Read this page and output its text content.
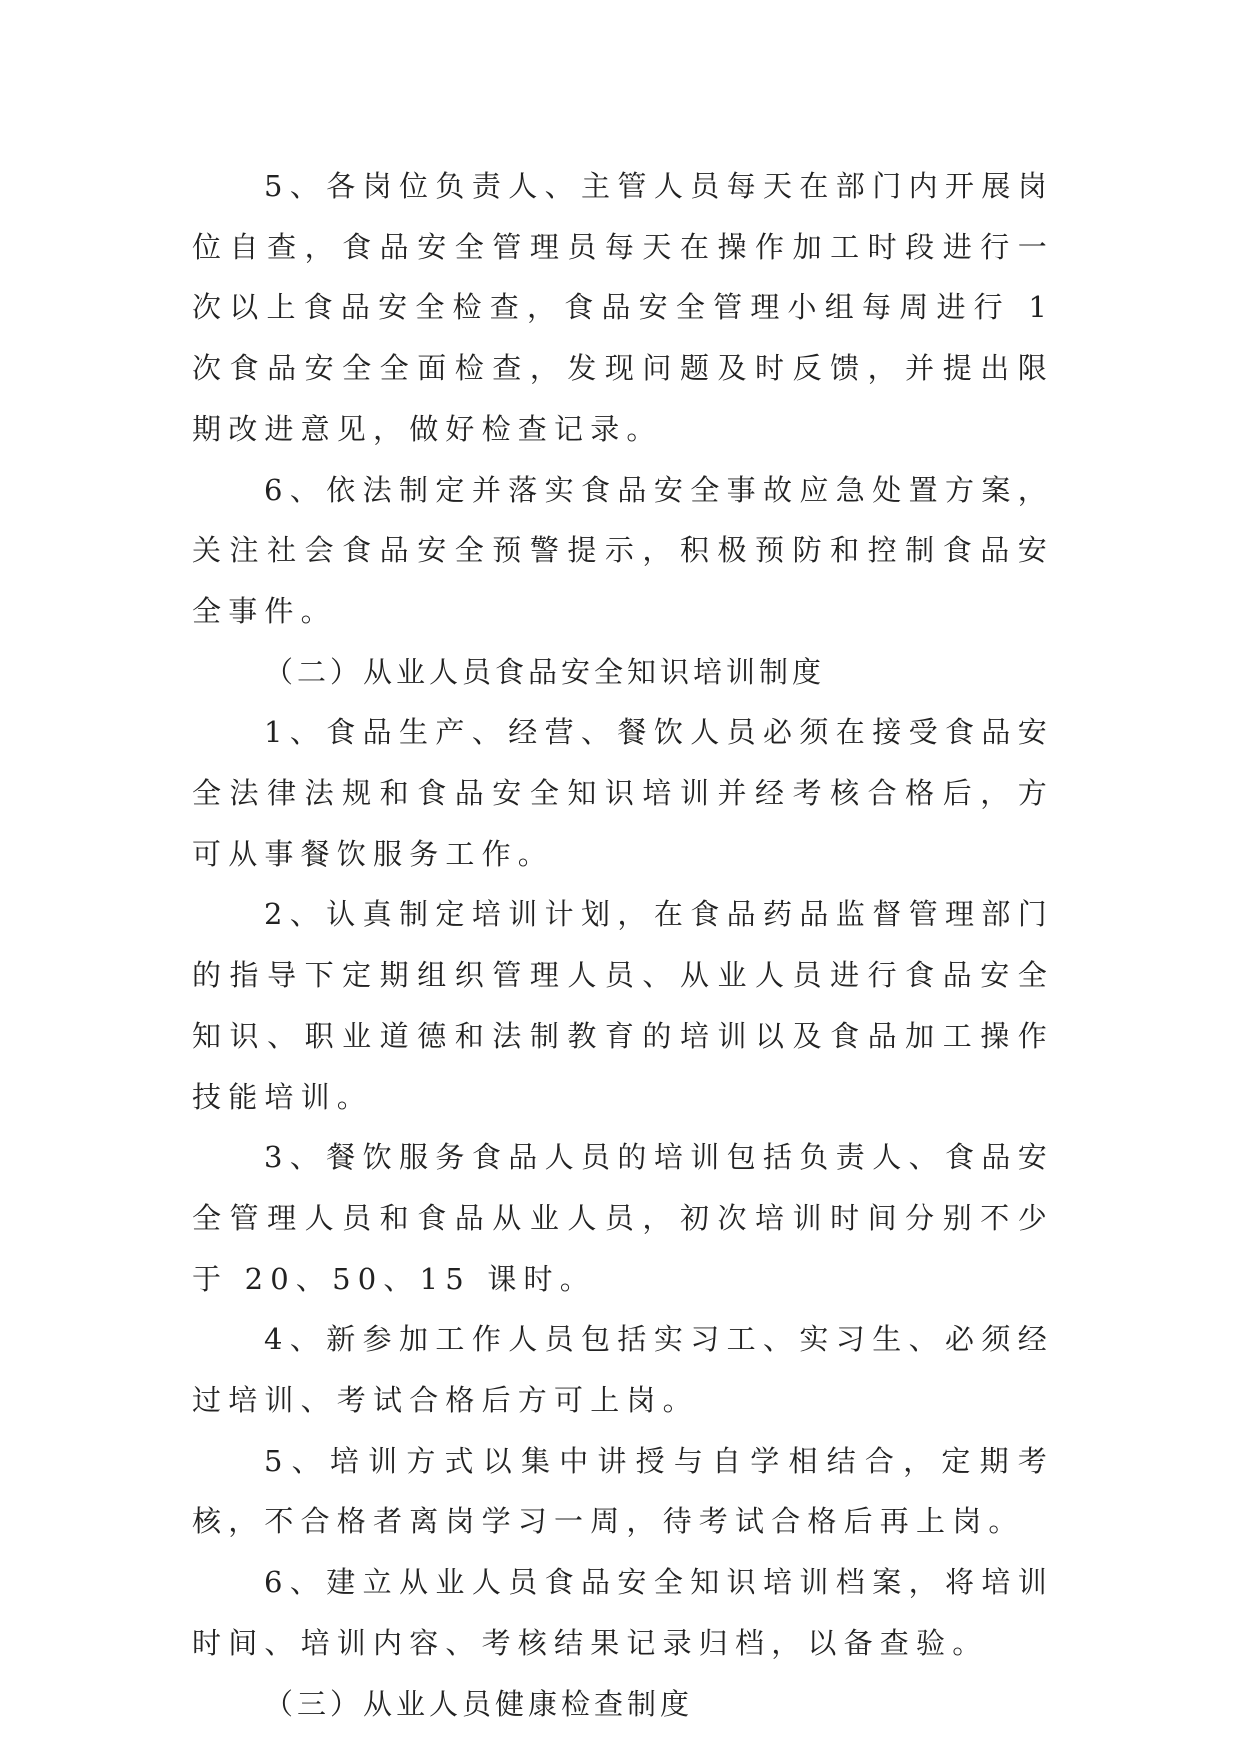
5、各岗位负责人、主管人员每天在部门内开展岗位自查，食品安全管理员每天在操作加工时段进行一次以上食品安全检查，食品安全管理小组每周进行 1 次食品安全全面检查，发现问题及时反馈，并提出限期改进意见，做好检查记录。

6、依法制定并落实食品安全事故应急处置方案，关注社会食品安全预警提示，积极预防和控制食品安全事件。

（二）从业人员食品安全知识培训制度

1、食品生产、经营、餐饮人员必须在接受食品安全法律法规和食品安全知识培训并经考核合格后，方可从事餐饮服务工作。

2、认真制定培训计划，在食品药品监督管理部门的指导下定期组织管理人员、从业人员进行食品安全知识、职业道德和法制教育的培训以及食品加工操作技能培训。

3、餐饮服务食品人员的培训包括负责人、食品安全管理人员和食品从业人员，初次培训时间分别不少于 20、50、15 课时。

4、新参加工作人员包括实习工、实习生、必须经过培训、考试合格后方可上岗。

5、培训方式以集中讲授与自学相结合，定期考核，不合格者离岗学习一周，待考试合格后再上岗。

6、建立从业人员食品安全知识培训档案，将培训时间、培训内容、考核结果记录归档，以备查验。

（三）从业人员健康检查制度
